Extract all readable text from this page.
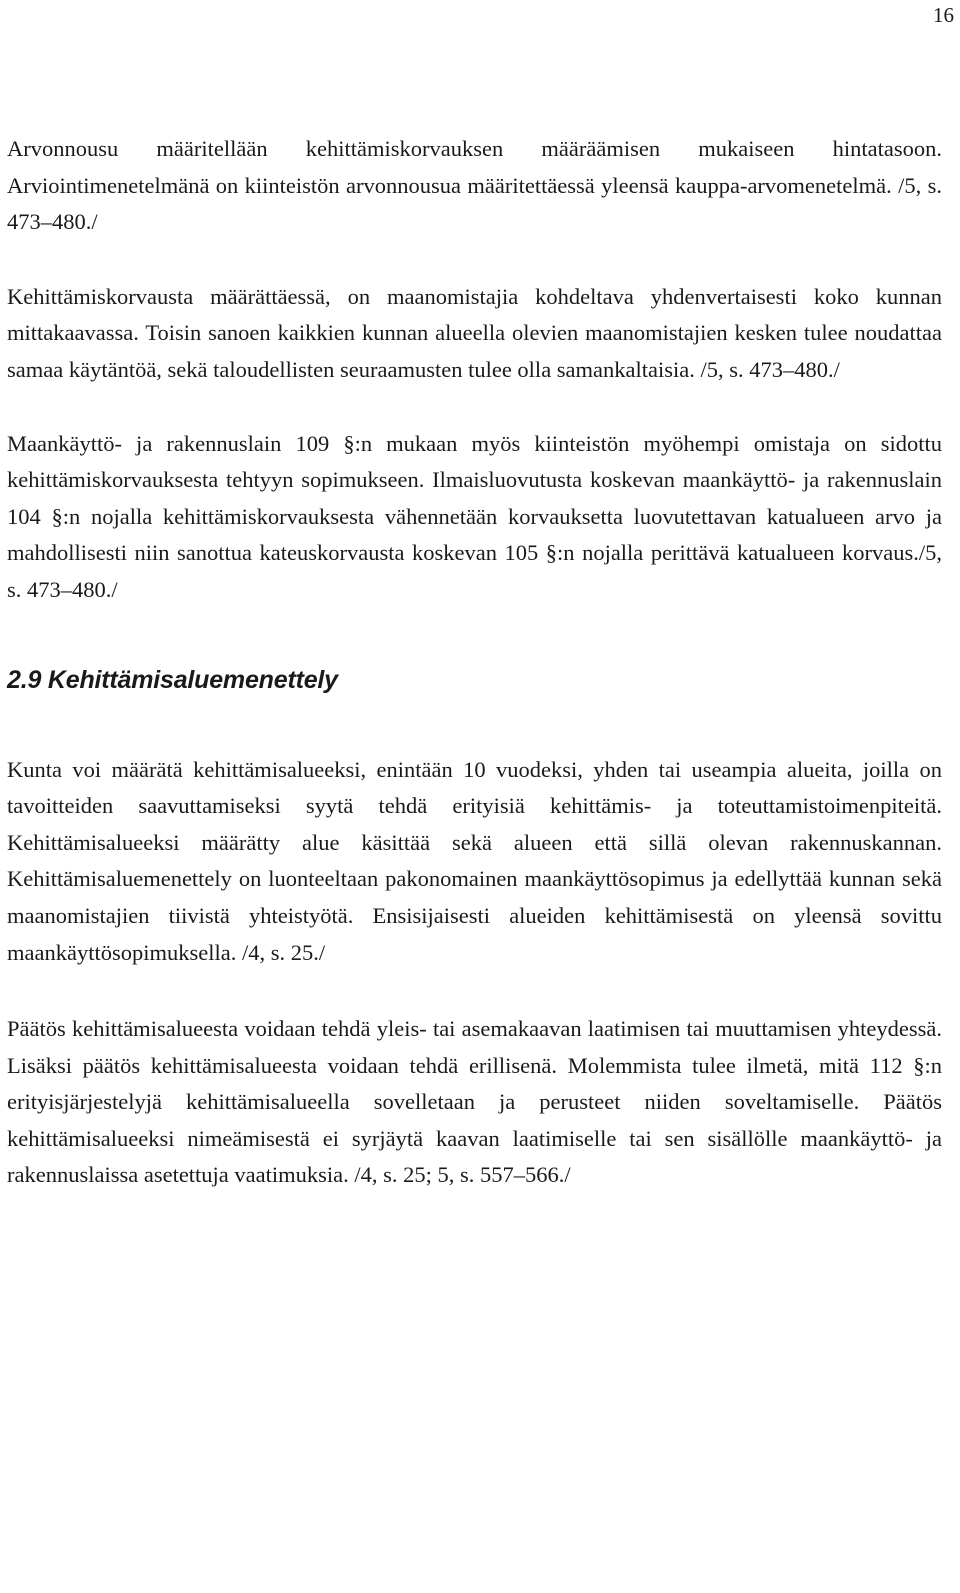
16

Arvonnousu määritellään kehittämiskorvauksen määräämisen mukaiseen hintatasoon. Arviointimenetelmänä on kiinteistön arvonnousua määritettäessä yleensä kauppa-arvomenetelmä. /5, s. 473–480./

Kehittämiskorvausta määrättäessä, on maanomistajia kohdeltava yhdenvertaisesti koko kunnan mittakaavassa. Toisin sanoen kaikkien kunnan alueella olevien maanomistajien kesken tulee noudattaa samaa käytäntöä, sekä taloudellisten seuraamusten tulee olla samankaltaisia. /5, s. 473–480./

Maankäyttö- ja rakennuslain 109 §:n mukaan myös kiinteistön myöhempi omistaja on sidottu kehittämiskorvauksesta tehtyyn sopimukseen. Ilmaisluovutusta koskevan maankäyttö- ja rakennuslain 104 §:n nojalla kehittämiskorvauksesta vähennetään korvauksetta luovutettavan katualueen arvo ja mahdollisesti niin sanottua kateuskorvausta koskevan 105 §:n nojalla perittävä katualueen korvaus./5, s. 473–480./

2.9 Kehittämisaluemenettely

Kunta voi määrätä kehittämisalueeksi, enintään 10 vuodeksi, yhden tai useampia alueita, joilla on tavoitteiden saavuttamiseksi syytä tehdä erityisiä kehittämis- ja toteuttamistoimenpiteitä. Kehittämisalueeksi määrätty alue käsittää sekä alueen että sillä olevan rakennuskannan. Kehittämisaluemenettely on luonteeltaan pakonomainen maankäyttösopimus ja edellyttää kunnan sekä maanomistajien tiivistä yhteistyötä. Ensisijaisesti alueiden kehittämisestä on yleensä sovittu maankäyttösopimuksella. /4, s. 25./

Päätös kehittämisalueesta voidaan tehdä yleis- tai asemakaavan laatimisen tai muuttamisen yhteydessä. Lisäksi päätös kehittämisalueesta voidaan tehdä erillisenä. Molemmista tulee ilmetä, mitä 112 §:n erityisjärjestelyjä kehittämisalueella sovelletaan ja perusteet niiden soveltamiselle. Päätös kehittämisalueeksi nimeämisestä ei syrjäytä kaavan laatimiselle tai sen sisällölle maankäyttö- ja rakennuslaissa asetettuja vaatimuksia. /4, s. 25; 5, s. 557–566./
